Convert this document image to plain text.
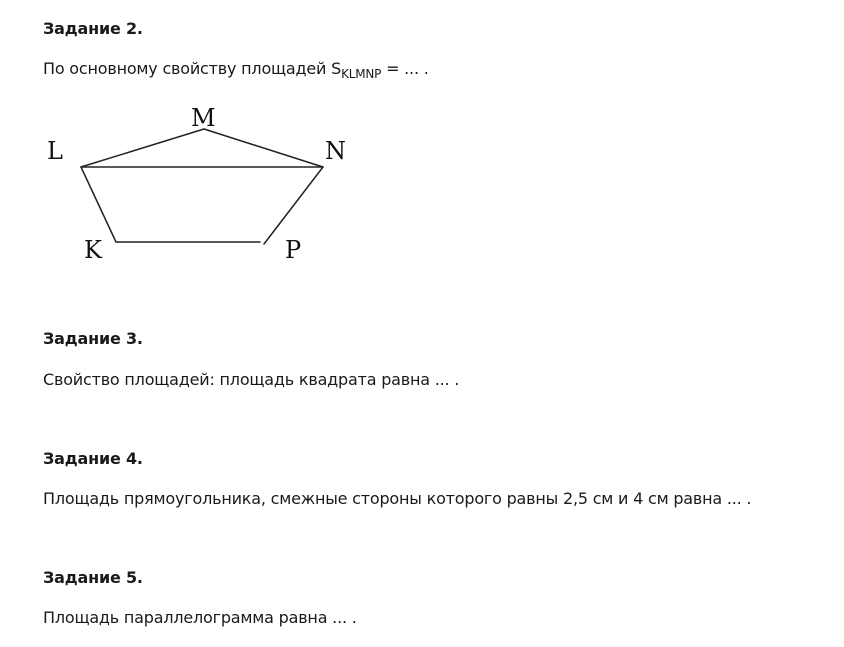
Задание 2.
По основному свойству площадей $S_{KLMNP}$ = ... .
L
M
N
K	P
Задание 3.
Свойство площадей: площадь квадрата равна ... .
Задание 4.
Площадь прямоугольника, смежные стороны которого равны 2,5 см и 4 см равна ... .
Задание 5.
Площадь параллелограмма равна ... .
